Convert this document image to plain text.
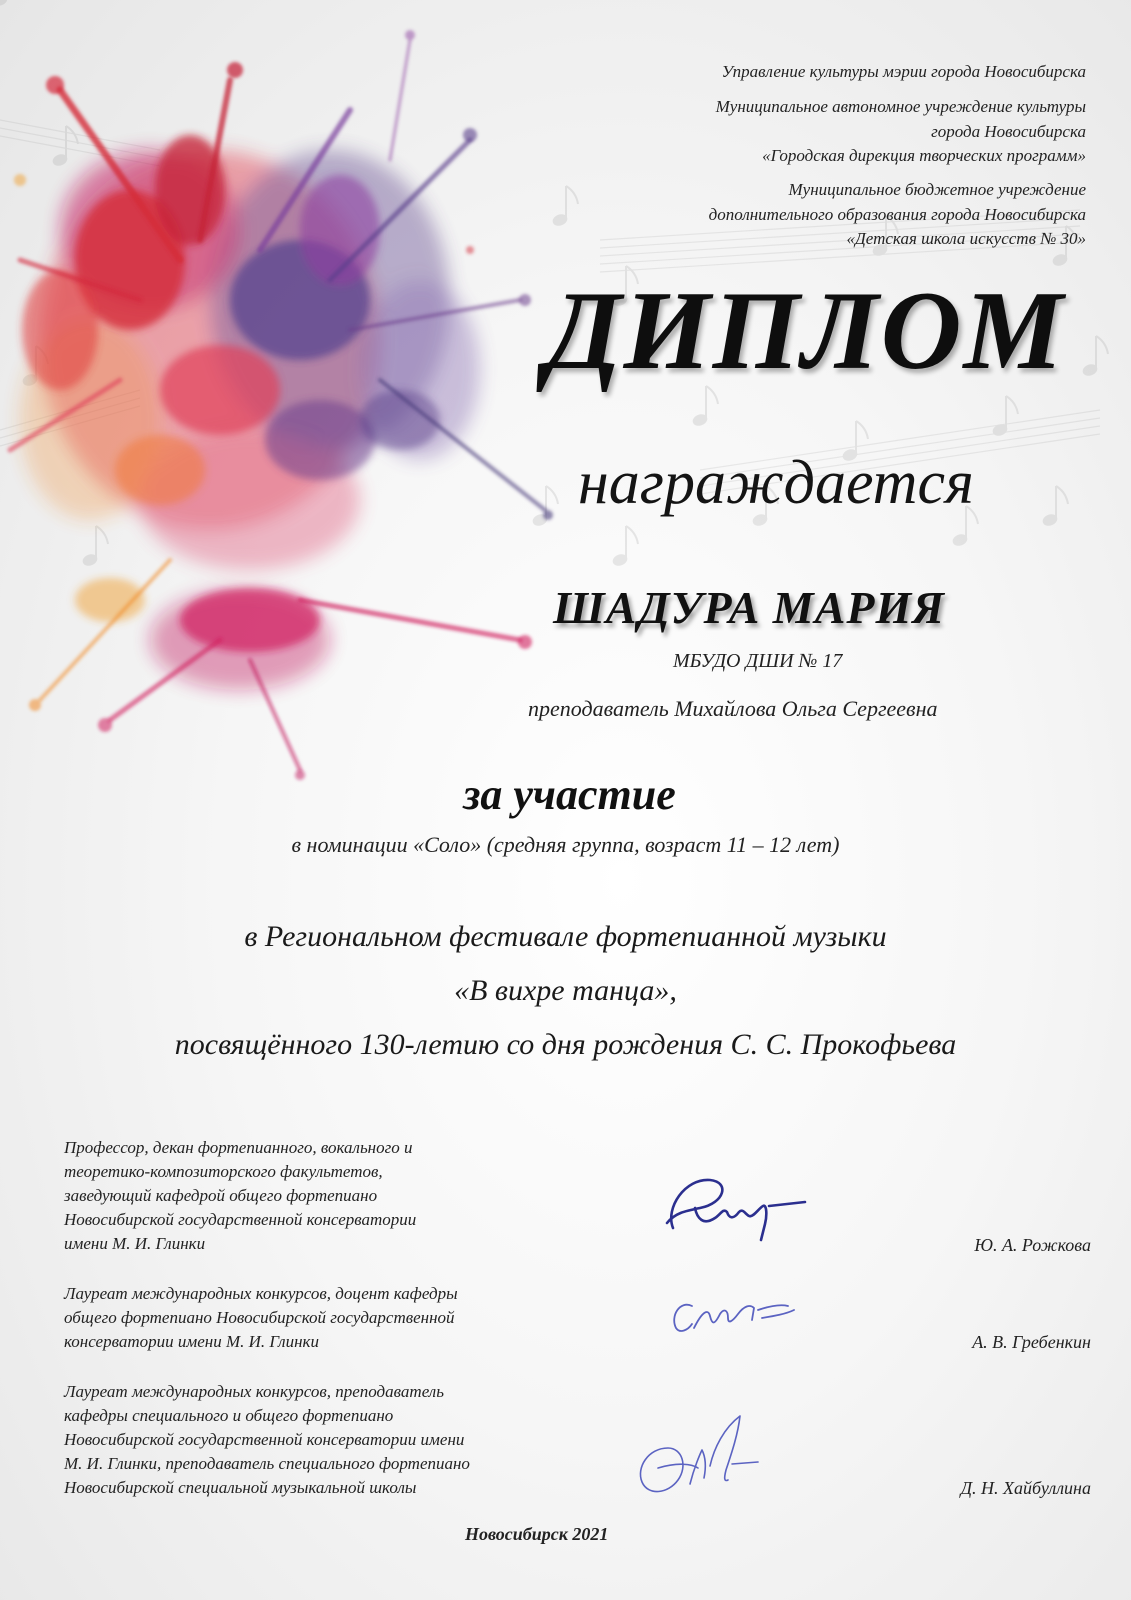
Управление культуры мэрии города Новосибирска
Муниципальное автономное учреждение культуры
города Новосибирска
«Городская дирекция творческих программ»
Муниципальное бюджетное учреждение
дополнительного образования города Новосибирска
«Детская школа искусств № 30»
ДИПЛОМ
награждается
ШАДУРА МАРИЯ
МБУДО ДШИ № 17
преподаватель Михайлова Ольга Сергеевна
за участие
в номинации «Соло» (средняя группа, возраст 11 – 12 лет)
в Региональном фестивале фортепианной музыки
«В вихре танца»,
посвящённого 130-летию со дня рождения С. С. Прокофьева
Профессор, декан фортепианного, вокального и
теоретико-композиторского факультетов,
заведующий кафедрой общего фортепиано
Новосибирской государственной консерватории
имени М. И. Глинки	Ю. А. Рожкова
Лауреат международных конкурсов, доцент кафедры
общего фортепиано Новосибирской государственной
консерватории имени М. И. Глинки	А. В. Гребенкин
Лауреат международных конкурсов, преподаватель
кафедры специального и общего фортепиано
Новосибирской государственной консерватории имени
М. И. Глинки, преподаватель специального фортепиано
Новосибирской специальной музыкальной школы	Д. Н. Хайбуллина
Новосибирск 2021
